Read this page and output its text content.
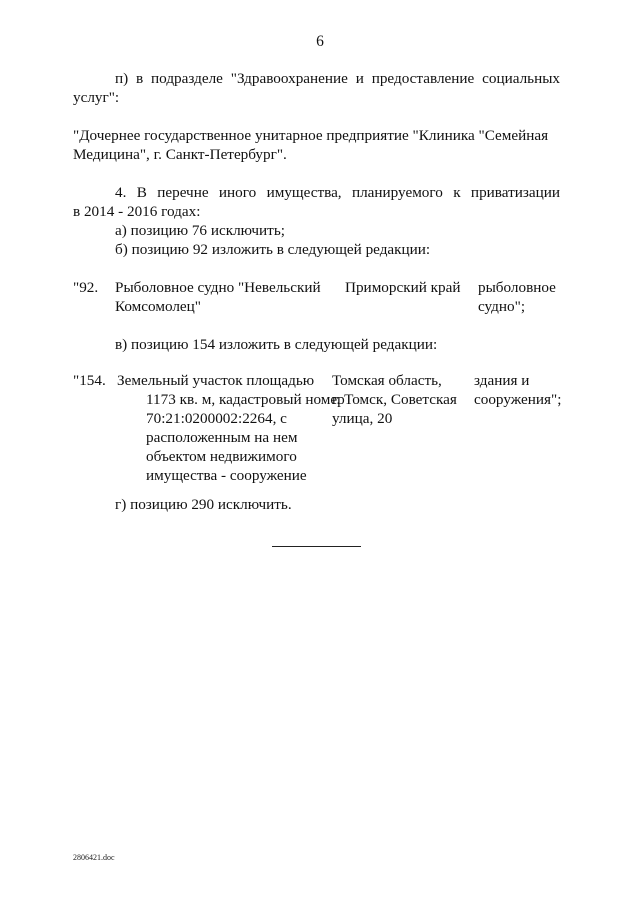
6
п) в подразделе "Здравоохранение и предоставление социальных
услуг":
"Дочернее государственное унитарное предприятие "Клиника "Семейная
Медицина", г. Санкт-Петербург".
4. В перечне иного имущества, планируемого к приватизации
в 2014 - 2016 годах:
а) позицию 76 исключить;
б) позицию 92 изложить в следующей редакции:
"92. Рыболовное судно "Невельский
Комсомолец"
Приморский край рыболовное
судно";
в) позицию 154 изложить в следующей редакции:
"154. Земельный участок площадью
1173 кв. м, кадастровый номер
70:21:0200002:2264, с
расположенным на нем
объектом недвижимого
имущества - сооружение
Томская область,
г. Томск, Советская
улица, 20
здания и
сооружения";
г) позицию 290 исключить.
2806421.doc
